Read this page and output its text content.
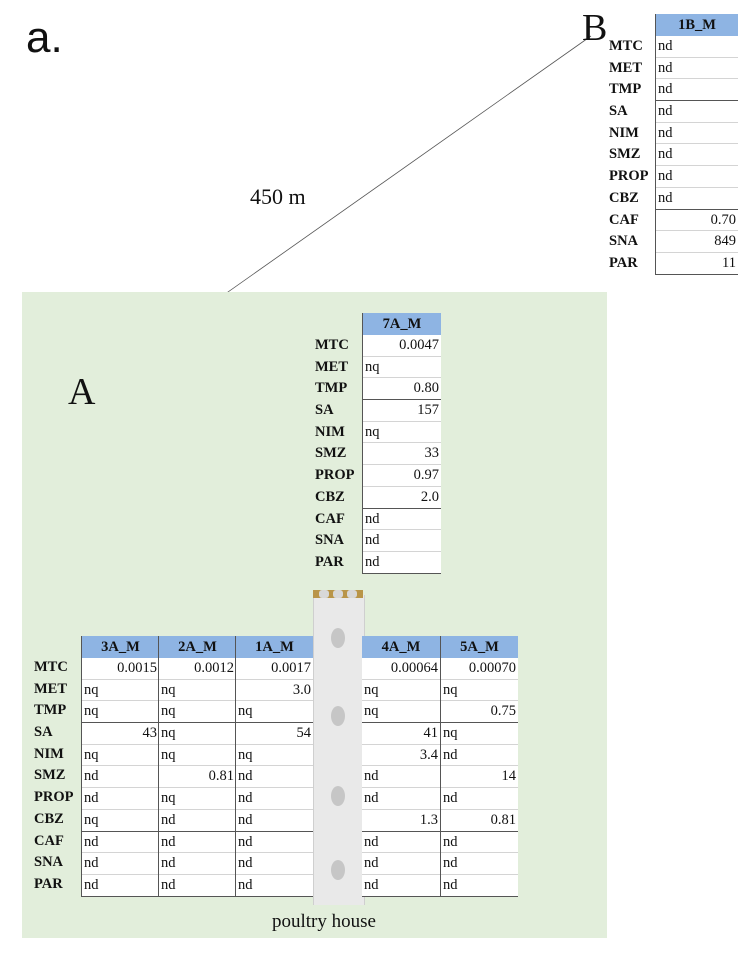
a.
450 m
B
A
poultry house
MTC
MET
TMP
SA
NIM
SMZ
PROP
CBZ
CAF
SNA
PAR
1B_M
nd
nd
nd
nd
nd
nd
nd
nd
0.70
849
11
MTC
MET
TMP
SA
NIM
SMZ
PROP
CBZ
CAF
SNA
PAR
7A_M
0.0047
nq
0.80
157
nq
33
0.97
2.0
nd
nd
nd
MTC
MET
TMP
SA
NIM
SMZ
PROP
CBZ
CAF
SNA
PAR
3A_M
0.0015
nq
nq
43
nq
nd
nd
nq
nd
nd
nd
2A_M
0.0012
nq
nq
nq
nq
0.81
nq
nd
nd
nd
nd
1A_M
0.0017
3.0
nq
54
nq
nd
nd
nd
nd
nd
nd
4A_M
0.00064
nq
nq
41
3.4
nd
nd
1.3
nd
nd
nd
5A_M
0.00070
nq
0.75
nq
nd
14
nd
0.81
nd
nd
nd
